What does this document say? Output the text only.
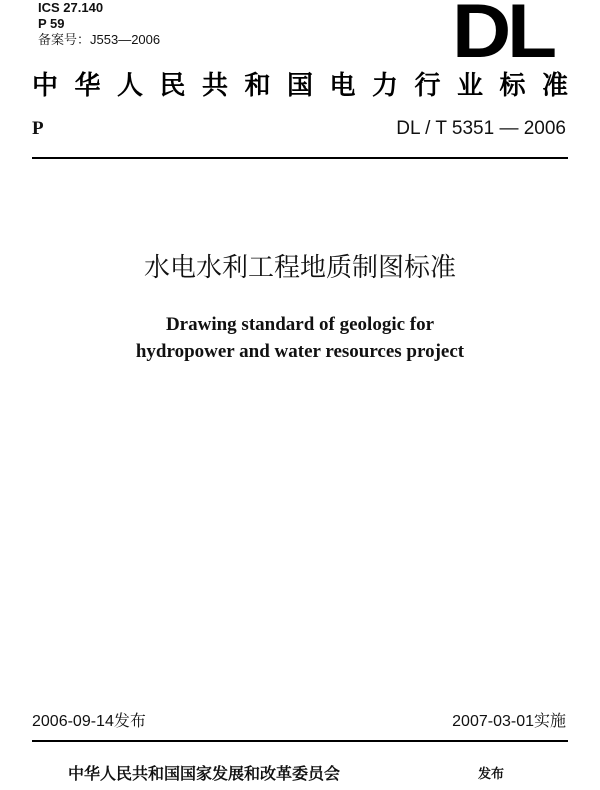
ICS 27.140
P 59
备案号：J553—2006	DL
中华人民共和国电力行业标准
P	DL / T 5351 — 2006
水电水利工程地质制图标准
Drawing standard of geologic for
hydropower and water resources project
2006-09-14发布	2007-03-01实施
中华人民共和国国家发展和改革委员会	发布
